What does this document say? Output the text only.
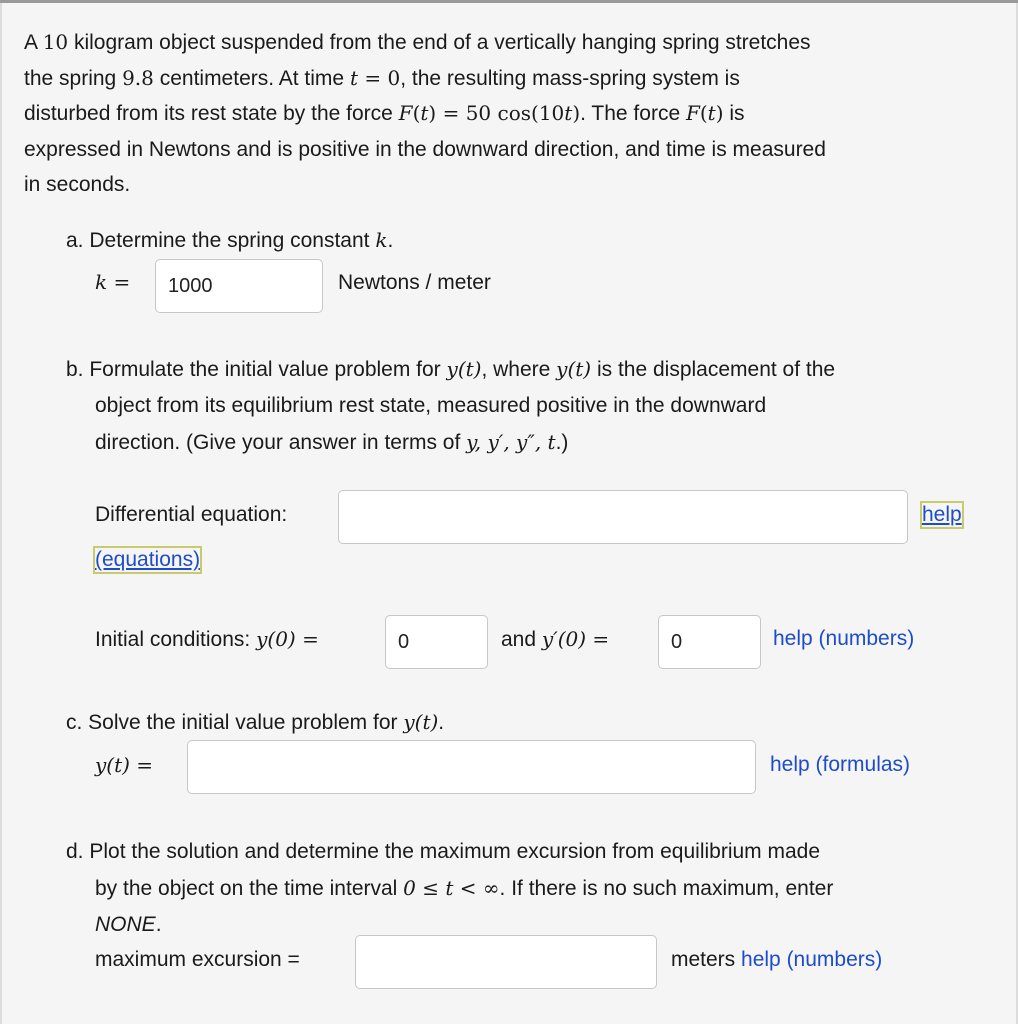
A 10 kilogram object suspended from the end of a vertically hanging spring stretches
the spring 9.8 centimeters. At time t = 0, the resulting mass-spring system is
disturbed from its rest state by the force F(t) = 50 cos(10t). The force F(t) is
expressed in Newtons and is positive in the downward direction, and time is measured
in seconds.
a. Determine the spring constant k.
k =	1000	Newtons / meter
b. Formulate the initial value problem for y(t), where y(t) is the displacement of the
object from its equilibrium rest state, measured positive in the downward
direction. (Give your answer in terms of y, y′, y″, t.)
Differential equation:	help
(equations)
Initial conditions: y(0) =	0	and y′(0) =	0	help (numbers)
c. Solve the initial value problem for y(t).
y(t) =	help (formulas)
d. Plot the solution and determine the maximum excursion from equilibrium made
by the object on the time interval 0 ≤ t < ∞. If there is no such maximum, enter
NONE.
maximum excursion =	meters help (numbers)
